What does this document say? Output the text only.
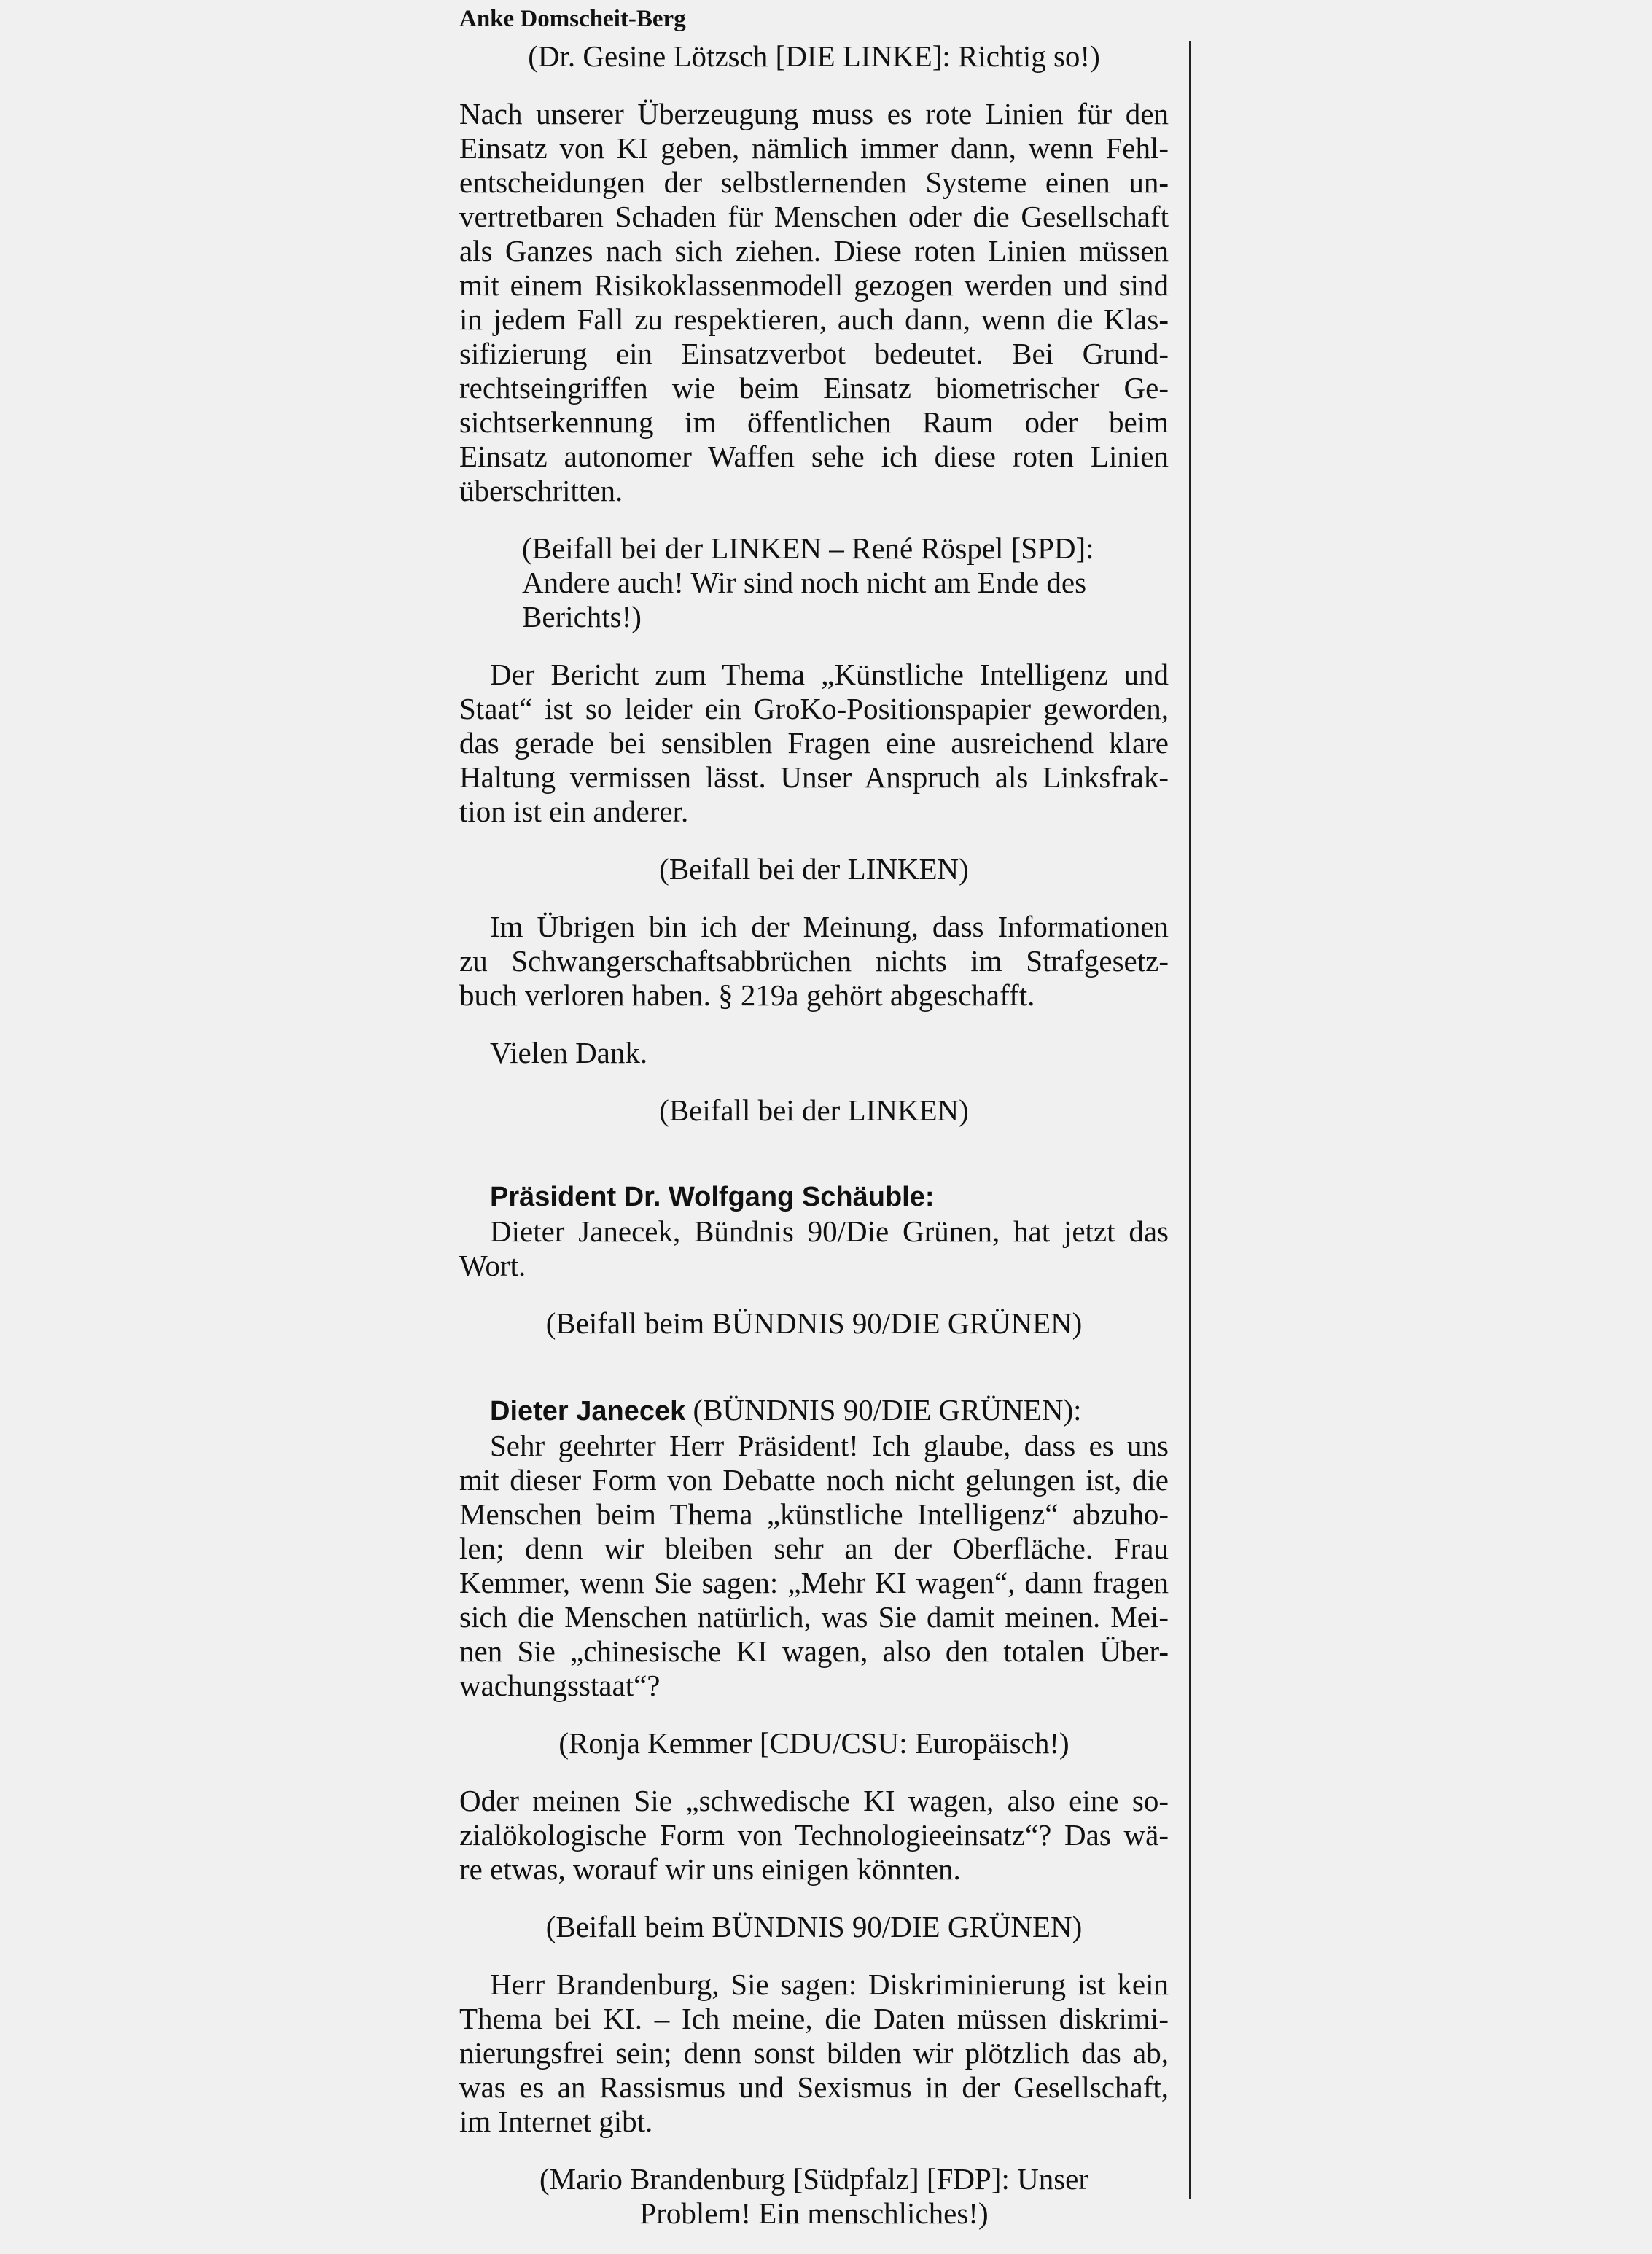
Anke Domscheit-Berg
(Dr. Gesine Lötzsch [DIE LINKE]: Richtig so!)
Nach unserer Überzeugung muss es rote Linien für den
Einsatz von KI geben, nämlich immer dann, wenn Fehl-
entscheidungen der selbstlernenden Systeme einen un-
vertretbaren Schaden für Menschen oder die Gesellschaft
als Ganzes nach sich ziehen. Diese roten Linien müssen
mit einem Risikoklassenmodell gezogen werden und sind
in jedem Fall zu respektieren, auch dann, wenn die Klas-
sifizierung ein Einsatzverbot bedeutet. Bei Grund-
rechtseingriffen wie beim Einsatz biometrischer Ge-
sichtserkennung im öffentlichen Raum oder beim
Einsatz autonomer Waffen sehe ich diese roten Linien
überschritten.
(Beifall bei der LINKEN – René Röspel [SPD]:
Andere auch! Wir sind noch nicht am Ende des
Berichts!)
Der Bericht zum Thema „Künstliche Intelligenz und
Staat“ ist so leider ein GroKo-Positionspapier geworden,
das gerade bei sensiblen Fragen eine ausreichend klare
Haltung vermissen lässt. Unser Anspruch als Linksfrak-
tion ist ein anderer.
(Beifall bei der LINKEN)
Im Übrigen bin ich der Meinung, dass Informationen
zu Schwangerschaftsabbrüchen nichts im Strafgesetz-
buch verloren haben. § 219a gehört abgeschafft.
Vielen Dank.
(Beifall bei der LINKEN)
Präsident Dr. Wolfgang Schäuble:
Dieter Janecek, Bündnis 90/Die Grünen, hat jetzt das
Wort.
(Beifall beim BÜNDNIS 90/DIE GRÜNEN)
Dieter Janecek (BÜNDNIS 90/DIE GRÜNEN):
Sehr geehrter Herr Präsident! Ich glaube, dass es uns
mit dieser Form von Debatte noch nicht gelungen ist, die
Menschen beim Thema „künstliche Intelligenz“ abzuho-
len; denn wir bleiben sehr an der Oberfläche. Frau
Kemmer, wenn Sie sagen: „Mehr KI wagen“, dann fragen
sich die Menschen natürlich, was Sie damit meinen. Mei-
nen Sie „chinesische KI wagen, also den totalen Über-
wachungsstaat“?
(Ronja Kemmer [CDU/CSU: Europäisch!)
Oder meinen Sie „schwedische KI wagen, also eine so-
zialökologische Form von Technologieeinsatz“? Das wä-
re etwas, worauf wir uns einigen könnten.
(Beifall beim BÜNDNIS 90/DIE GRÜNEN)
Herr Brandenburg, Sie sagen: Diskriminierung ist kein
Thema bei KI. – Ich meine, die Daten müssen diskrimi-
nierungsfrei sein; denn sonst bilden wir plötzlich das ab,
was es an Rassismus und Sexismus in der Gesellschaft,
im Internet gibt.
(Mario Brandenburg [Südpfalz] [FDP]: Unser
Problem! Ein menschliches!)
